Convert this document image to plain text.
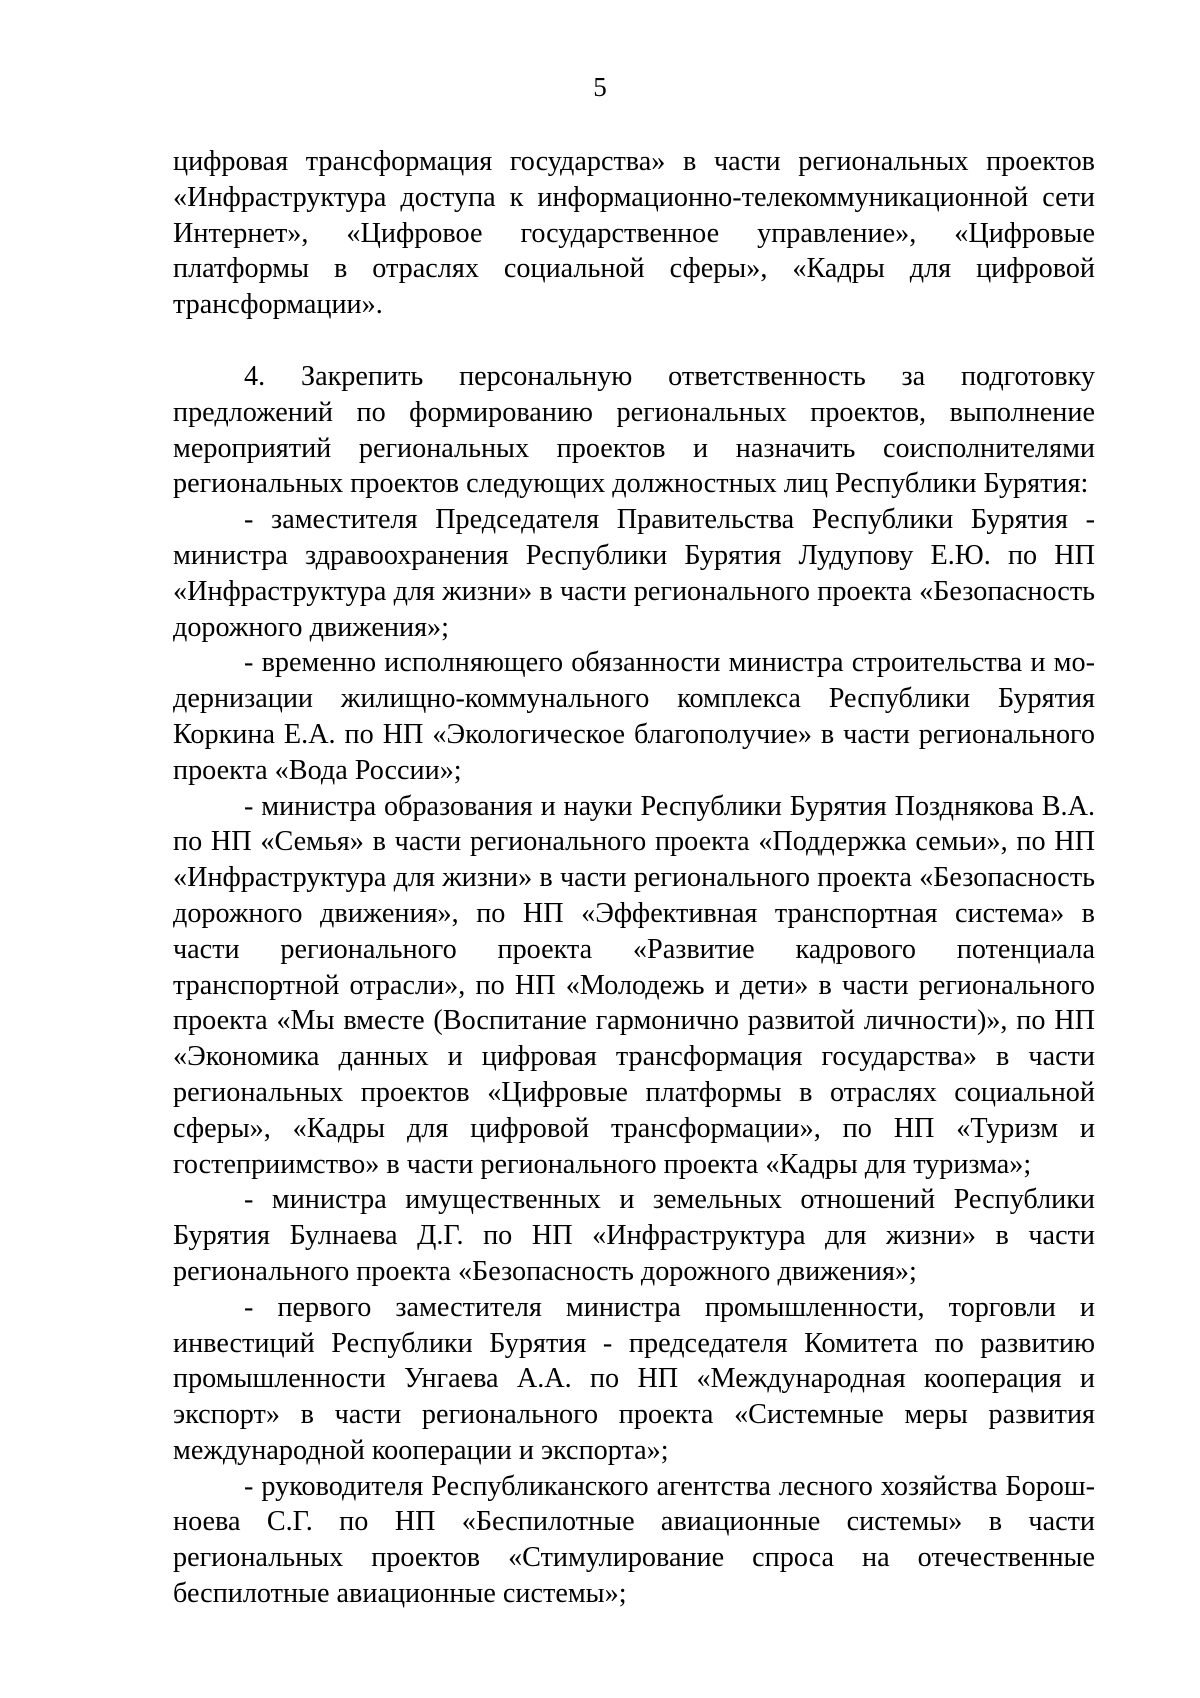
5

цифровая трансформация государства» в части региональных проектов «Инфраструктура доступа к информационно-телекоммуникационной сети Интернет», «Цифровое государственное управление», «Цифровые платформы в отраслях социальной сферы», «Кадры для цифровой трансформации».

4. Закрепить персональную ответственность за подготовку предложений по формированию региональных проектов, выполнение мероприятий региональных проектов и назначить соисполнителями региональных проектов следующих должностных лиц Республики Бурятия:

- заместителя Председателя Правительства Республики Бурятия - министра здравоохранения Республики Бурятия Лудупову Е.Ю. по НП «Инфраструктура для жизни» в части регионального проекта «Безопасность дорожного движения»;

- временно исполняющего обязанности министра строительства и модернизации жилищно-коммунального комплекса Республики Бурятия Коркина Е.А. по НП «Экологическое благополучие» в части регионального проекта «Вода России»;

- министра образования и науки Республики Бурятия Позднякова В.А. по НП «Семья» в части регионального проекта «Поддержка семьи», по НП «Инфраструктура для жизни» в части регионального проекта «Безопасность дорожного движения», по НП «Эффективная транспортная система» в части регионального проекта «Развитие кадрового потенциала транспортной отрасли», по НП «Молодежь и дети» в части регионального проекта «Мы вместе (Воспитание гармонично развитой личности)», по НП «Экономика данных и цифровая трансформация государства» в части региональных проектов «Цифровые платформы в отраслях социальной сферы», «Кадры для цифровой трансформации», по НП «Туризм и гостеприимство» в части регионального проекта «Кадры для туризма»;

- министра имущественных и земельных отношений Республики Бурятия Булнаева Д.Г. по НП «Инфраструктура для жизни» в части регионального проекта «Безопасность дорожного движения»;

- первого заместителя министра промышленности, торговли и инвестиций Республики Бурятия - председателя Комитета по развитию промышленности Унгаева А.А. по НП «Международная кооперация и экспорт» в части регионального проекта «Системные меры развития международной кооперации и экспорта»;

- руководителя Республиканского агентства лесного хозяйства Борошноева С.Г. по НП «Беспилотные авиационные системы» в части региональных проектов «Стимулирование спроса на отечественные беспилотные авиационные системы»;
